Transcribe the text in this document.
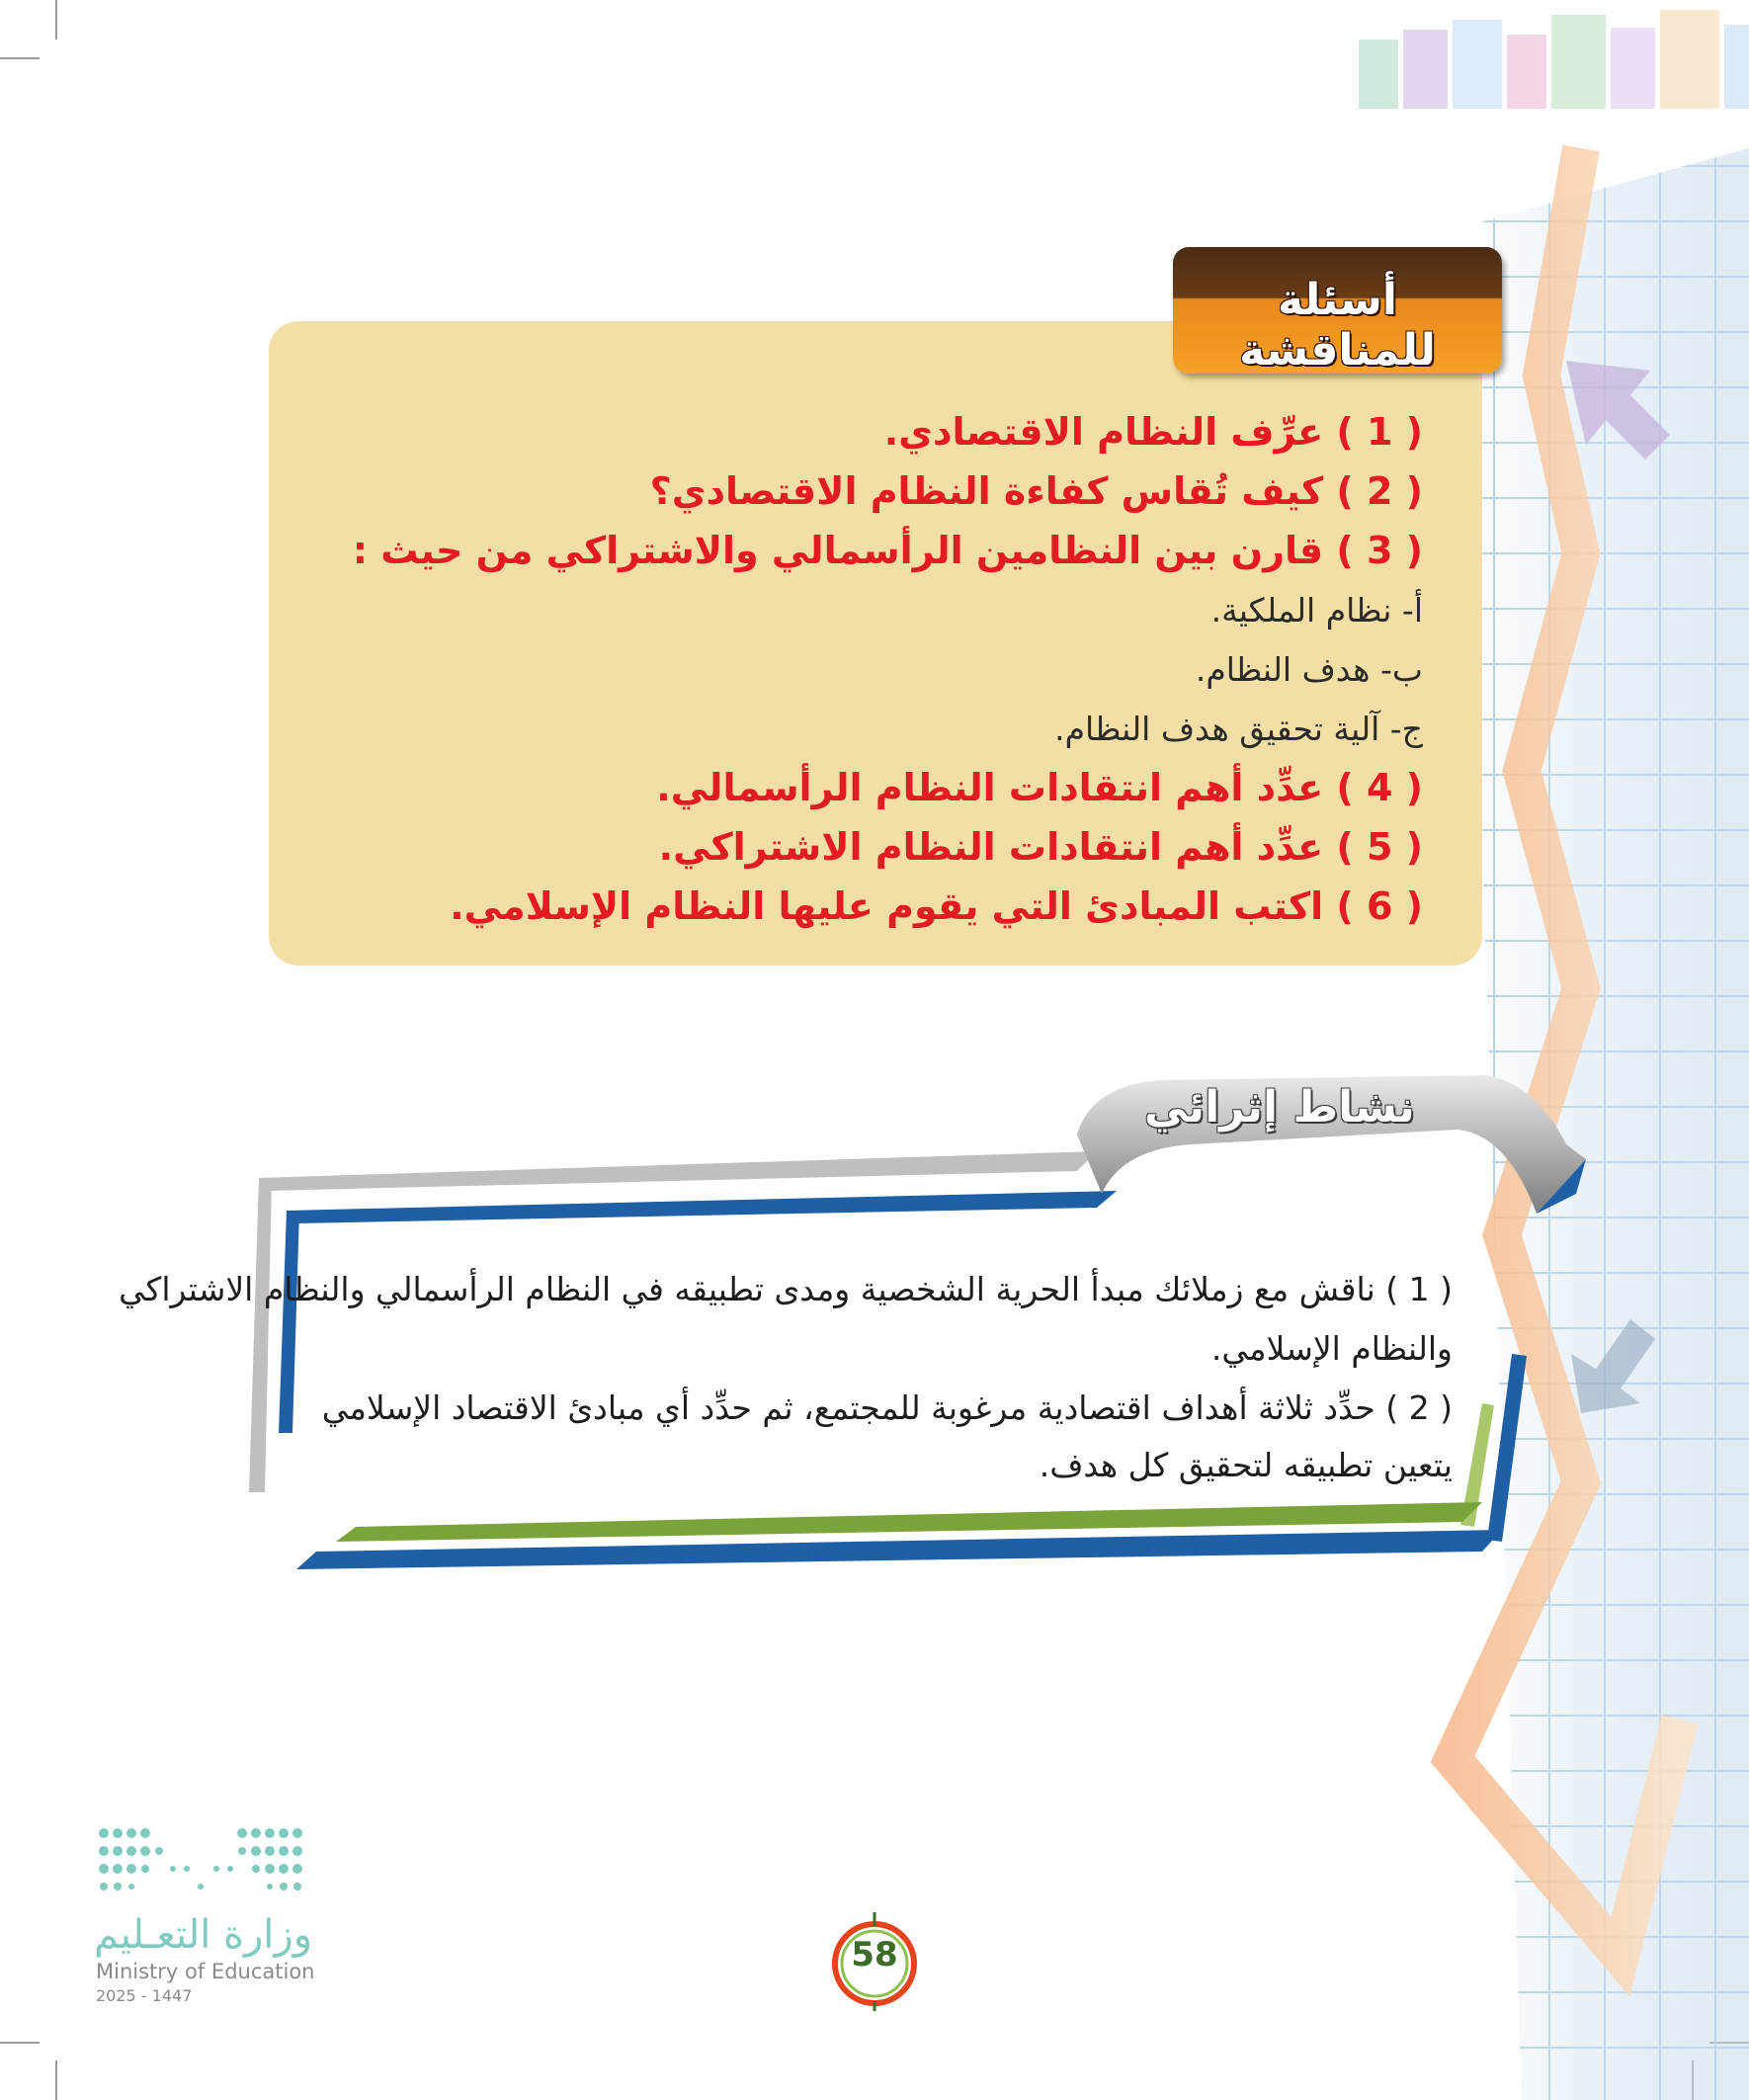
أسئلة للمناقشة
( 1 ) عرِّف النظام الاقتصادي.
( 2 ) كيف تُقاس كفاءة النظام الاقتصادي؟
( 3 ) قارن بين النظامين الرأسمالي والاشتراكي من حيث :
أ- نظام الملكية.
ب- هدف النظام.
ج- آلية تحقيق هدف النظام.
( 4 ) عدِّد أهم انتقادات النظام الرأسمالي.
( 5 ) عدِّد أهم انتقادات النظام الاشتراكي.
( 6 ) اكتب المبادئ التي يقوم عليها النظام الإسلامي.
نشاط إثرائي
( 1 ) ناقش مع زملائك مبدأ الحرية الشخصية ومدى تطبيقه في النظام الرأسمالي والنظام الاشتراكي
والنظام الإسلامي.
( 2 ) حدِّد ثلاثة أهداف اقتصادية مرغوبة للمجتمع، ثم حدِّد أي مبادئ الاقتصاد الإسلامي
يتعين تطبيقه لتحقيق كل هدف.
58
وزارة التعـليم
Ministry of Education
2025 - 1447
